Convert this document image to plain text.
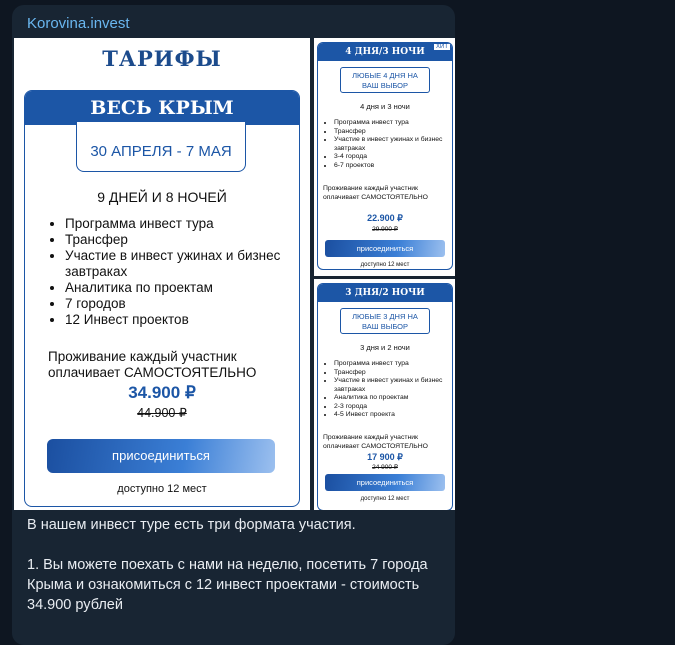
Korovina.invest
ТАРИФЫ
ВЕСЬ КРЫМ
30 АПРЕЛЯ - 7 МАЯ
9 ДНЕЙ И 8 НОЧЕЙ
• Программа инвест тура
• Трансфер
• Участие в инвест ужинах и бизнес завтраках
• Аналитика по проектам
• 7 городов
• 12 Инвест проектов
Проживание каждый участник оплачивает САМОСТОЯТЕЛЬНО
34.900 ₽
44.900 ₽
присоединиться
доступно 12 мест
4 ДНЯ/3 НОЧИ	ХИТ
ЛЮБЫЕ 4 ДНЯ НА
ВАШ ВЫБОР
4 дня и 3 ночи
• Программа инвест тура
• Трансфер
• Участие в инвест ужинах и бизнес завтраках
• 3-4 города
• 6-7 проектов
Проживание каждый участник оплачивает САМОСТОЯТЕЛЬНО
22.900 ₽
29.900 ₽
присоединиться
доступно 12 мест
3 ДНЯ/2 НОЧИ
ЛЮБЫЕ 3 ДНЯ НА
ВАШ ВЫБОР
3 дня и 2 ночи
• Программа инвест тура
• Трансфер
• Участие в инвест ужинах и бизнес завтраках
• Аналитика по проектам
• 2-3 города
• 4-5 Инвест проекта
Проживание каждый участник оплачивает САМОСТОЯТЕЛЬНО
17 900 ₽
24 900 ₽
присоединиться
доступно 12 мест

В нашем инвест туре есть три формата участия.

1. Вы можете поехать с нами на неделю, посетить 7 города Крыма и ознакомиться с 12 инвест проектами - стоимость 34.900 рублей
